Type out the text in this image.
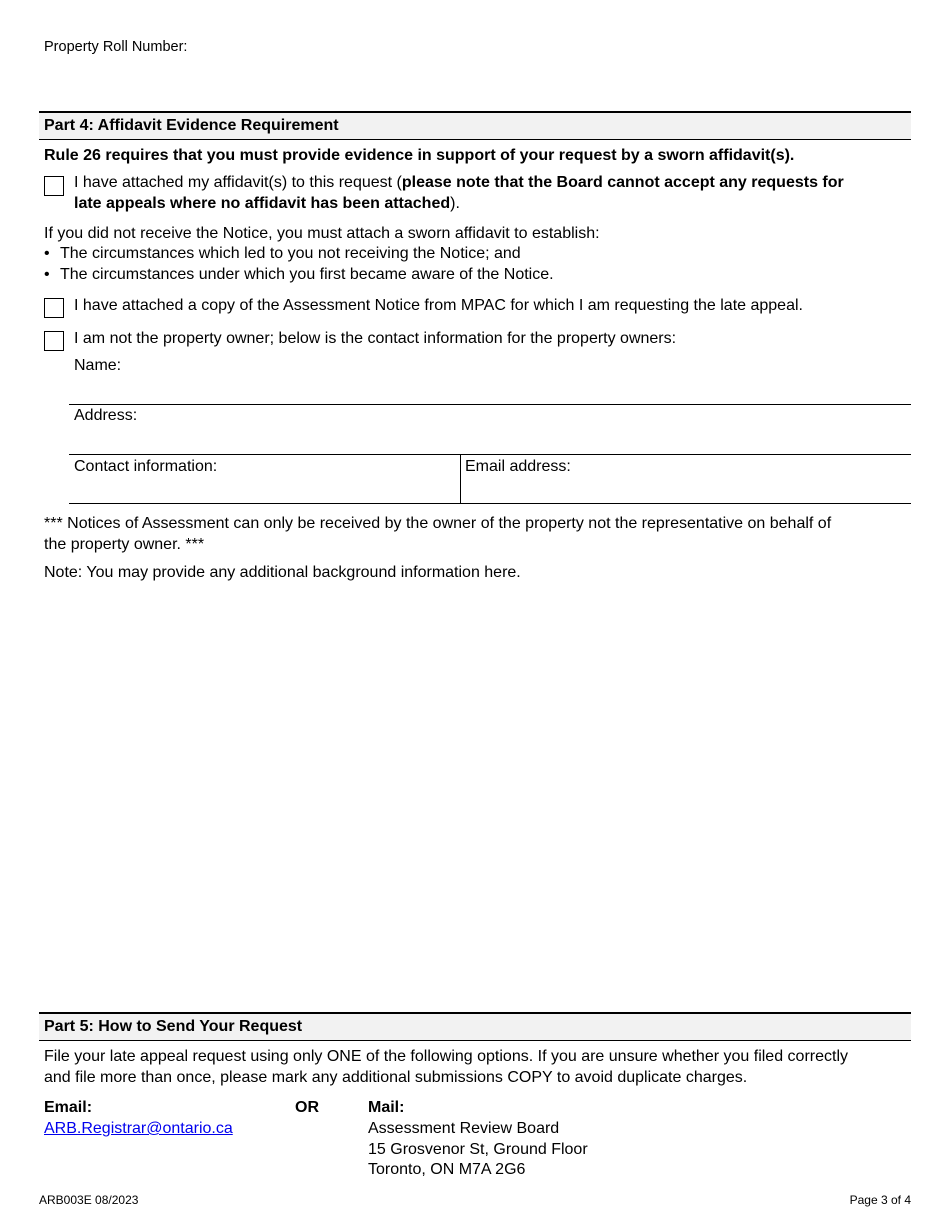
Property Roll Number:
Part 4: Affidavit Evidence Requirement
Rule 26 requires that you must provide evidence in support of your request by a sworn affidavit(s).
I have attached my affidavit(s) to this request (please note that the Board cannot accept any requests for
late appeals where no affidavit has been attached).
If you did not receive the Notice, you must attach a sworn affidavit to establish:
• The circumstances which led to you not receiving the Notice; and
• The circumstances under which you first became aware of the Notice.
I have attached a copy of the Assessment Notice from MPAC for which I am requesting the late appeal.
I am not the property owner; below is the contact information for the property owners:
Name:
Address:
Contact information:	Email address:
*** Notices of Assessment can only be received by the owner of the property not the representative on behalf of
the property owner. ***
Note: You may provide any additional background information here.
Part 5: How to Send Your Request
File your late appeal request using only ONE of the following options. If you are unsure whether you filed correctly
and file more than once, please mark any additional submissions COPY to avoid duplicate charges.
Email:
ARB.Registrar@ontario.ca
OR	Mail:
Assessment Review Board
15 Grosvenor St, Ground Floor
Toronto, ON M7A 2G6
ARB003E 08/2023	Page 3 of 4
